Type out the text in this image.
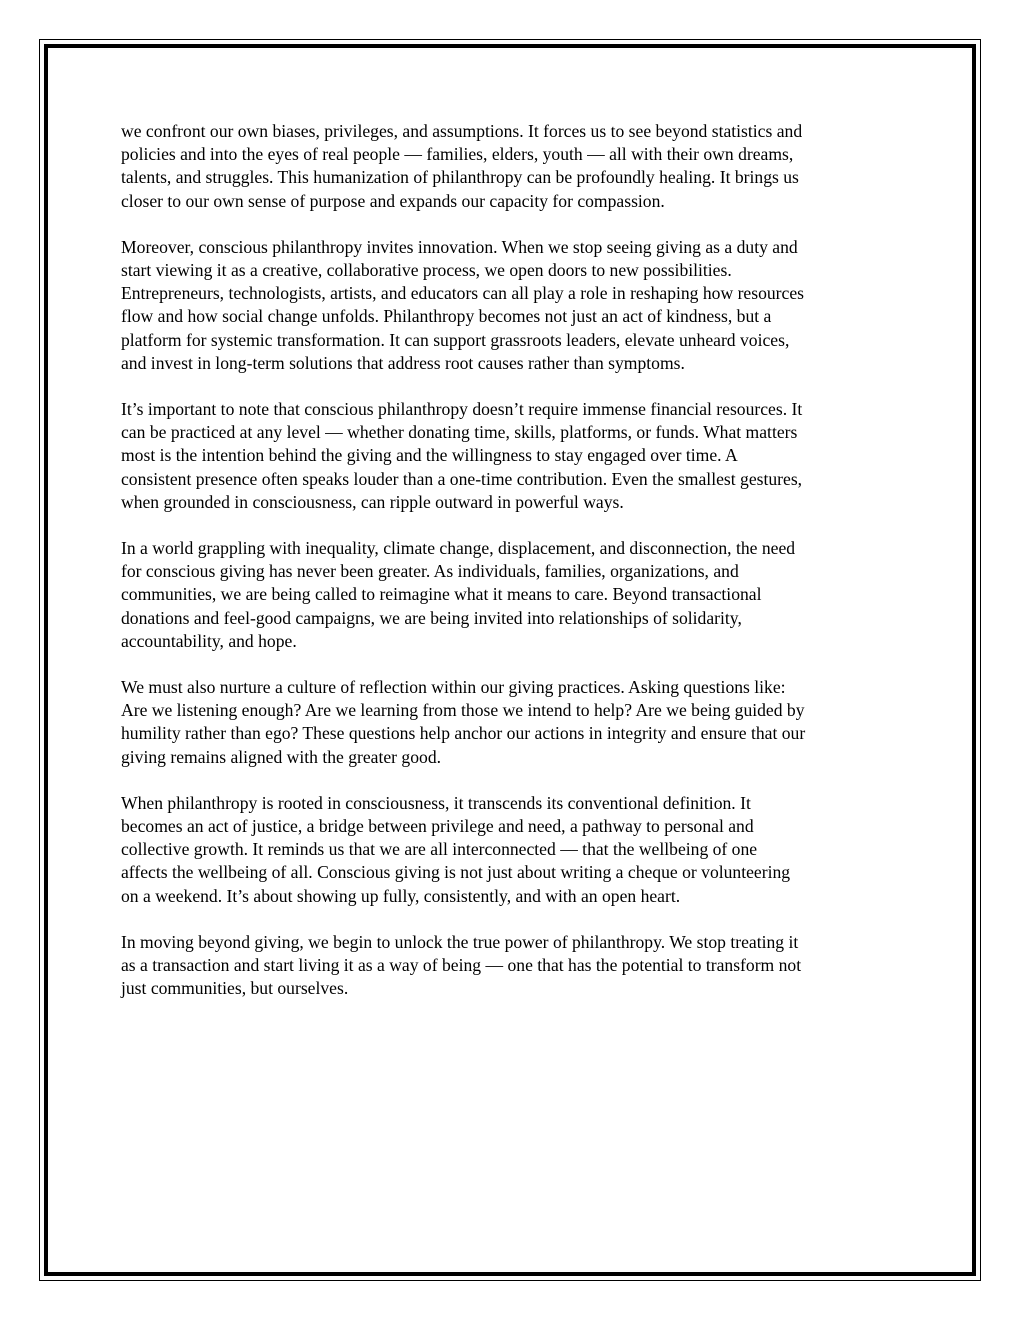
we confront our own biases, privileges, and assumptions. It forces us to see beyond statistics and
policies and into the eyes of real people — families, elders, youth — all with their own dreams,
talents, and struggles. This humanization of philanthropy can be profoundly healing. It brings us
closer to our own sense of purpose and expands our capacity for compassion.

Moreover, conscious philanthropy invites innovation. When we stop seeing giving as a duty and
start viewing it as a creative, collaborative process, we open doors to new possibilities.
Entrepreneurs, technologists, artists, and educators can all play a role in reshaping how resources
flow and how social change unfolds. Philanthropy becomes not just an act of kindness, but a
platform for systemic transformation. It can support grassroots leaders, elevate unheard voices,
and invest in long-term solutions that address root causes rather than symptoms.

It’s important to note that conscious philanthropy doesn’t require immense financial resources. It
can be practiced at any level — whether donating time, skills, platforms, or funds. What matters
most is the intention behind the giving and the willingness to stay engaged over time. A
consistent presence often speaks louder than a one-time contribution. Even the smallest gestures,
when grounded in consciousness, can ripple outward in powerful ways.

In a world grappling with inequality, climate change, displacement, and disconnection, the need
for conscious giving has never been greater. As individuals, families, organizations, and
communities, we are being called to reimagine what it means to care. Beyond transactional
donations and feel-good campaigns, we are being invited into relationships of solidarity,
accountability, and hope.

We must also nurture a culture of reflection within our giving practices. Asking questions like:
Are we listening enough? Are we learning from those we intend to help? Are we being guided by
humility rather than ego? These questions help anchor our actions in integrity and ensure that our
giving remains aligned with the greater good.

When philanthropy is rooted in consciousness, it transcends its conventional definition. It
becomes an act of justice, a bridge between privilege and need, a pathway to personal and
collective growth. It reminds us that we are all interconnected — that the wellbeing of one
affects the wellbeing of all. Conscious giving is not just about writing a cheque or volunteering
on a weekend. It’s about showing up fully, consistently, and with an open heart.

In moving beyond giving, we begin to unlock the true power of philanthropy. We stop treating it
as a transaction and start living it as a way of being — one that has the potential to transform not
just communities, but ourselves.
